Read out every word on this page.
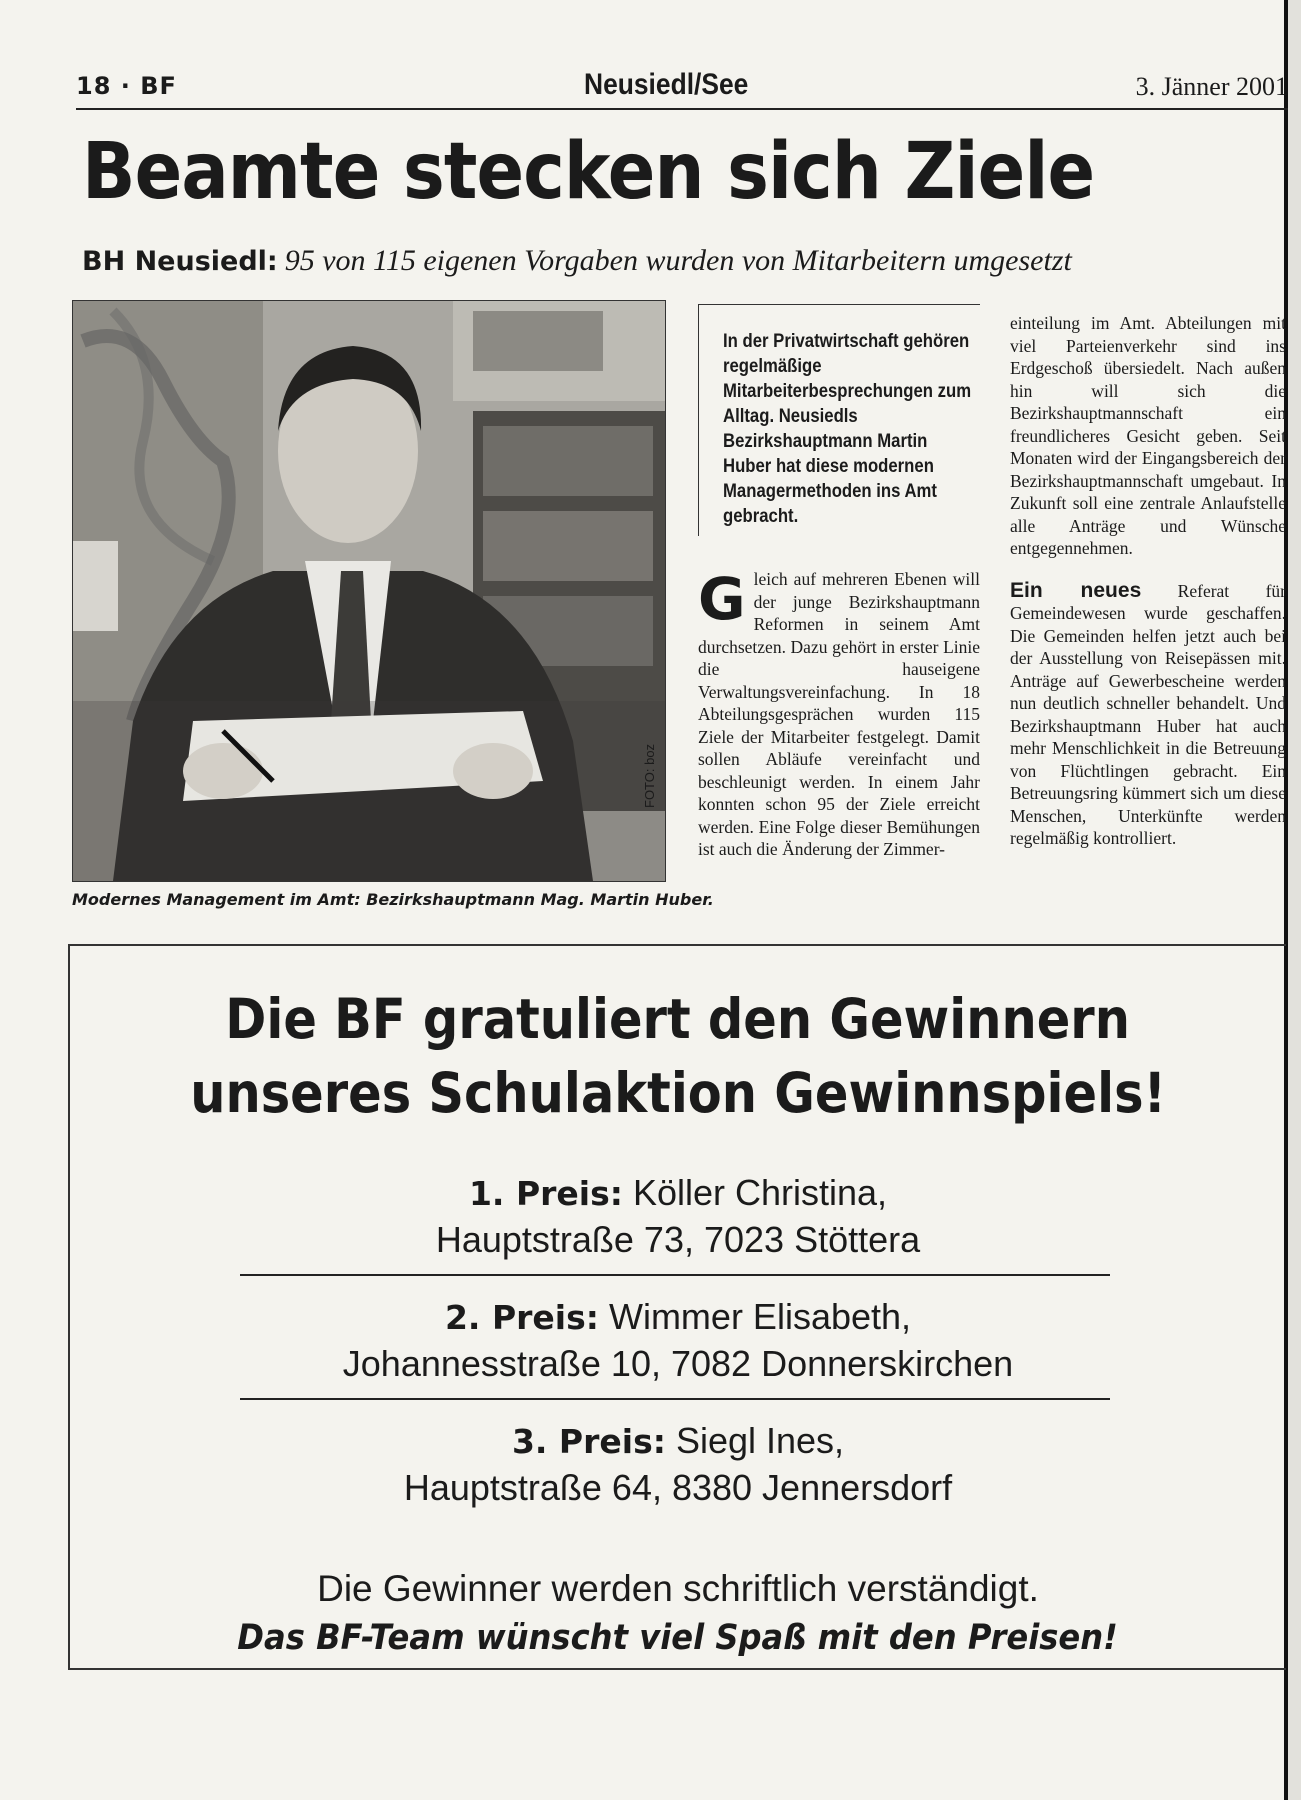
18 · BF	Neusiedl/See	3. Jänner 2001
Beamte stecken sich Ziele
BH Neusiedl: 95 von 115 eigenen Vorgaben wurden von Mitarbeitern umgesetzt
FOTO: boz
Modernes Management im Amt: Bezirkshauptmann Mag. Martin Huber.
In der Privatwirtschaft gehören regelmäßige Mitarbeiterbesprechungen zum Alltag. Neusiedls Bezirkshauptmann Martin Huber hat diese modernen Managermethoden ins Amt gebracht.
G leich auf mehreren Ebenen will der junge Bezirkshauptmann Reformen in seinem Amt durchsetzen. Dazu gehört in erster Linie die hauseigene Verwaltungsvereinfachung. In 18 Abteilungsgesprächen wurden 115 Ziele der Mitarbeiter festgelegt. Damit sollen Abläufe vereinfacht und beschleunigt werden. In einem Jahr konnten schon 95 der Ziele erreicht werden. Eine Folge dieser Bemühungen ist auch die Änderung der Zimmer-

einteilung im Amt. Abteilungen mit viel Parteienverkehr sind ins Erdgeschoß übersiedelt. Nach außen hin will sich die Bezirkshauptmannschaft ein freundlicheres Gesicht geben. Seit Monaten wird der Eingangsbereich der Bezirkshauptmannschaft umgebaut. In Zukunft soll eine zentrale Anlaufstelle alle Anträge und Wünsche entgegennehmen.

Ein neues Referat für Gemeindewesen wurde geschaffen. Die Gemeinden helfen jetzt auch bei der Ausstellung von Reisepässen mit. Anträge auf Gewerbescheine werden nun deutlich schneller behandelt. Und Bezirkshauptmann Huber hat auch mehr Menschlichkeit in die Betreuung von Flüchtlingen gebracht. Ein Betreuungsring kümmert sich um diese Menschen, Unterkünfte werden regelmäßig kontrolliert.

Die BF gratuliert den Gewinnern
unseres Schulaktion Gewinnspiels!
1. Preis: Köller Christina,
Hauptstraße 73, 7023 Stöttera
2. Preis: Wimmer Elisabeth,
Johannesstraße 10, 7082 Donnerskirchen
3. Preis: Siegl Ines,
Hauptstraße 64, 8380 Jennersdorf
Die Gewinner werden schriftlich verständigt.
Das BF-Team wünscht viel Spaß mit den Preisen!
